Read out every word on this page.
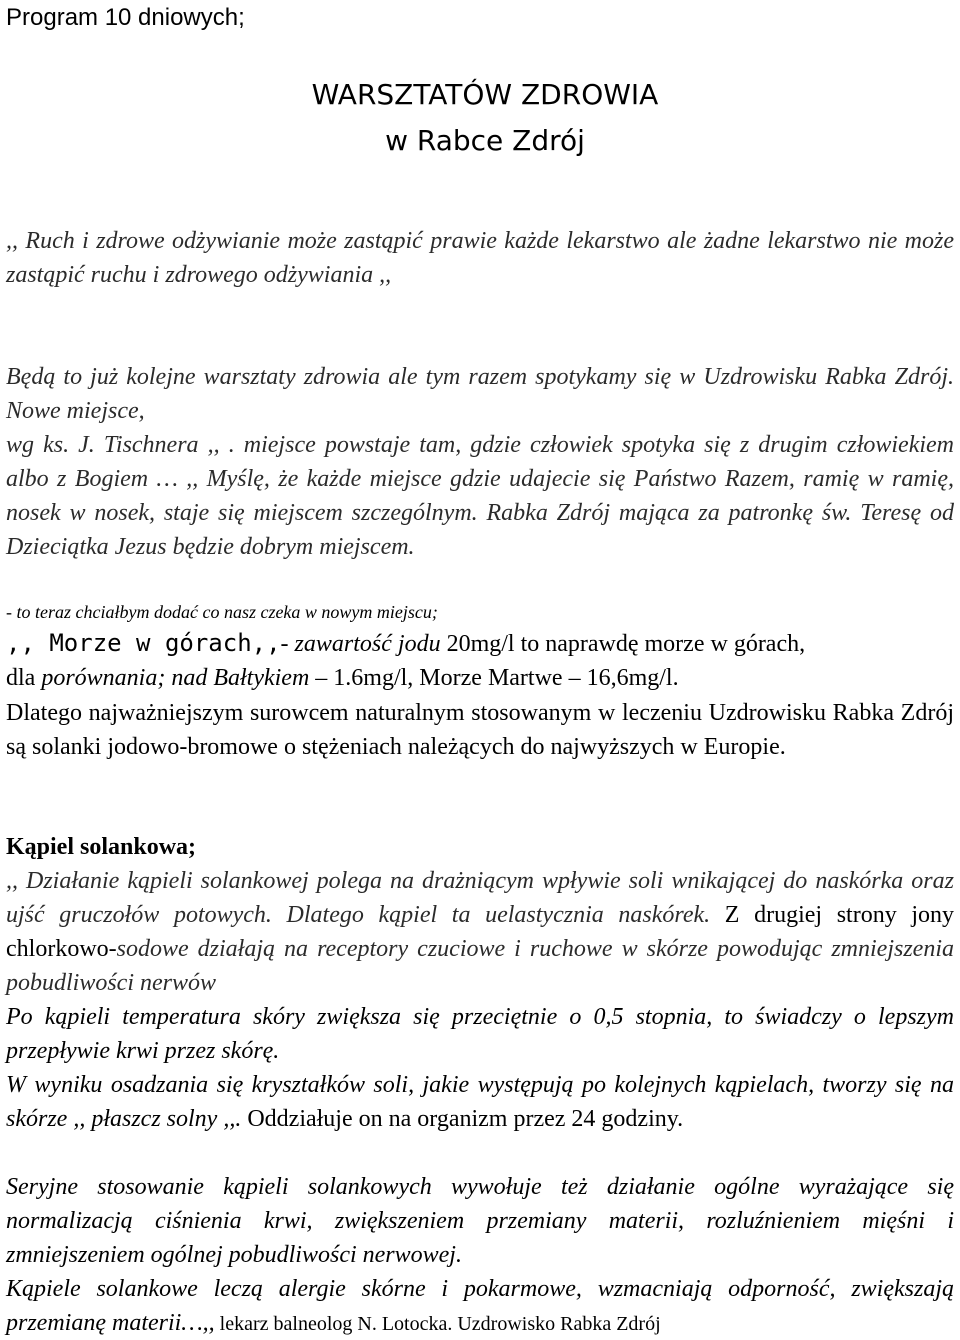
Program 10 dniowych;
WARSZTATÓW ZDROWIA
w Rabce Zdrój

,, Ruch i zdrowe odżywianie może zastąpić prawie każde lekarstwo ale żadne lekarstwo nie może zastąpić ruchu i zdrowego odżywiania ,,

Będą to już kolejne warsztaty zdrowia ale tym razem spotykamy się w Uzdrowisku Rabka Zdrój. Nowe miejsce,

wg ks. J. Tischnera ,, . miejsce powstaje tam, gdzie człowiek spotyka się z drugim człowiekiem albo z Bogiem … ,, Myślę, że każde miejsce gdzie udajecie się Państwo Razem, ramię w ramię, nosek w nosek, staje się miejscem szczególnym. Rabka Zdrój mająca za patronkę św. Teresę od Dzieciątka Jezus będzie dobrym miejscem.

- to teraz chciałbym dodać co nasz czeka w nowym miejscu;

,, Morze w górach,,- zawartość jodu 20mg/l to naprawdę morze w górach,
dla porównania; nad Bałtykiem – 1.6mg/l, Morze Martwe – 16,6mg/l.

Dlatego najważniejszym surowcem naturalnym stosowanym w leczeniu Uzdrowisku Rabka Zdrój są solanki jodowo-bromowe o stężeniach należących do najwyższych w Europie.

Kąpiel solankowa;

,, Działanie kąpieli solankowej polega na drażniącym wpływie soli wnikającej do naskórka oraz ujść gruczołów potowych. Dlatego kąpiel ta uelastycznia naskórek. Z drugiej strony jony chlorkowo-sodowe działają na receptory czuciowe i ruchowe w skórze powodując zmniejszenia pobudliwości nerwów

Po kąpieli temperatura skóry zwiększa się przeciętnie o 0,5 stopnia, to świadczy o lepszym przepływie krwi przez skórę.

W wyniku osadzania się kryształków soli, jakie występują po kolejnych kąpielach, tworzy się na skórze ,, płaszcz solny ,,. Oddziałuje on na organizm przez 24 godziny.

Seryjne stosowanie kąpieli solankowych wywołuje też działanie ogólne wyrażające się normalizacją ciśnienia krwi, zwiększeniem przemiany materii, rozluźnieniem mięśni i zmniejszeniem ogólnej pobudliwości nerwowej.

Kąpiele solankowe leczą alergie skórne i pokarmowe, wzmacniają odporność, zwiększają przemianę materii…,, lekarz balneolog N. Lotocka. Uzdrowisko Rabka Zdrój
